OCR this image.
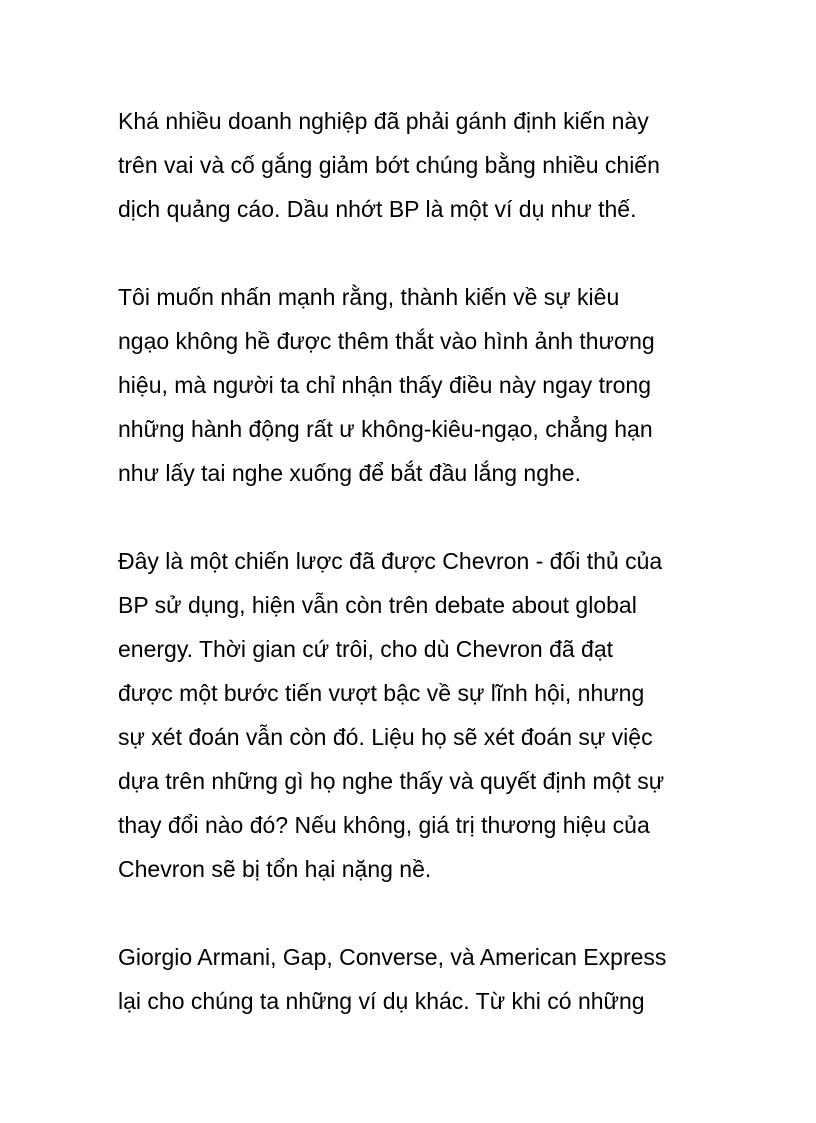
Khá nhiều doanh nghiệp đã phải gánh định kiến này
trên vai và cố gắng giảm bớt chúng bằng nhiều chiến
dịch quảng cáo. Dầu nhớt BP là một ví dụ như thế.

Tôi muốn nhấn mạnh rằng, thành kiến về sự kiêu
ngạo không hề được thêm thắt vào hình ảnh thương
hiệu, mà người ta chỉ nhận thấy điều này ngay trong
những hành động rất ư không-kiêu-ngạo, chẳng hạn
như lấy tai nghe xuống để bắt đầu lắng nghe.

Đây là một chiến lược đã được Chevron - đối thủ của
BP sử dụng, hiện vẫn còn trên debate about global
energy. Thời gian cứ trôi, cho dù Chevron đã đạt
được một bước tiến vượt bậc về sự lĩnh hội, nhưng
sự xét đoán vẫn còn đó. Liệu họ sẽ xét đoán sự việc
dựa trên những gì họ nghe thấy và quyết định một sự
thay đổi nào đó? Nếu không, giá trị thương hiệu của
Chevron sẽ bị tổn hại nặng nề.

Giorgio Armani, Gap, Converse, và American Express
lại cho chúng ta những ví dụ khác. Từ khi có những
